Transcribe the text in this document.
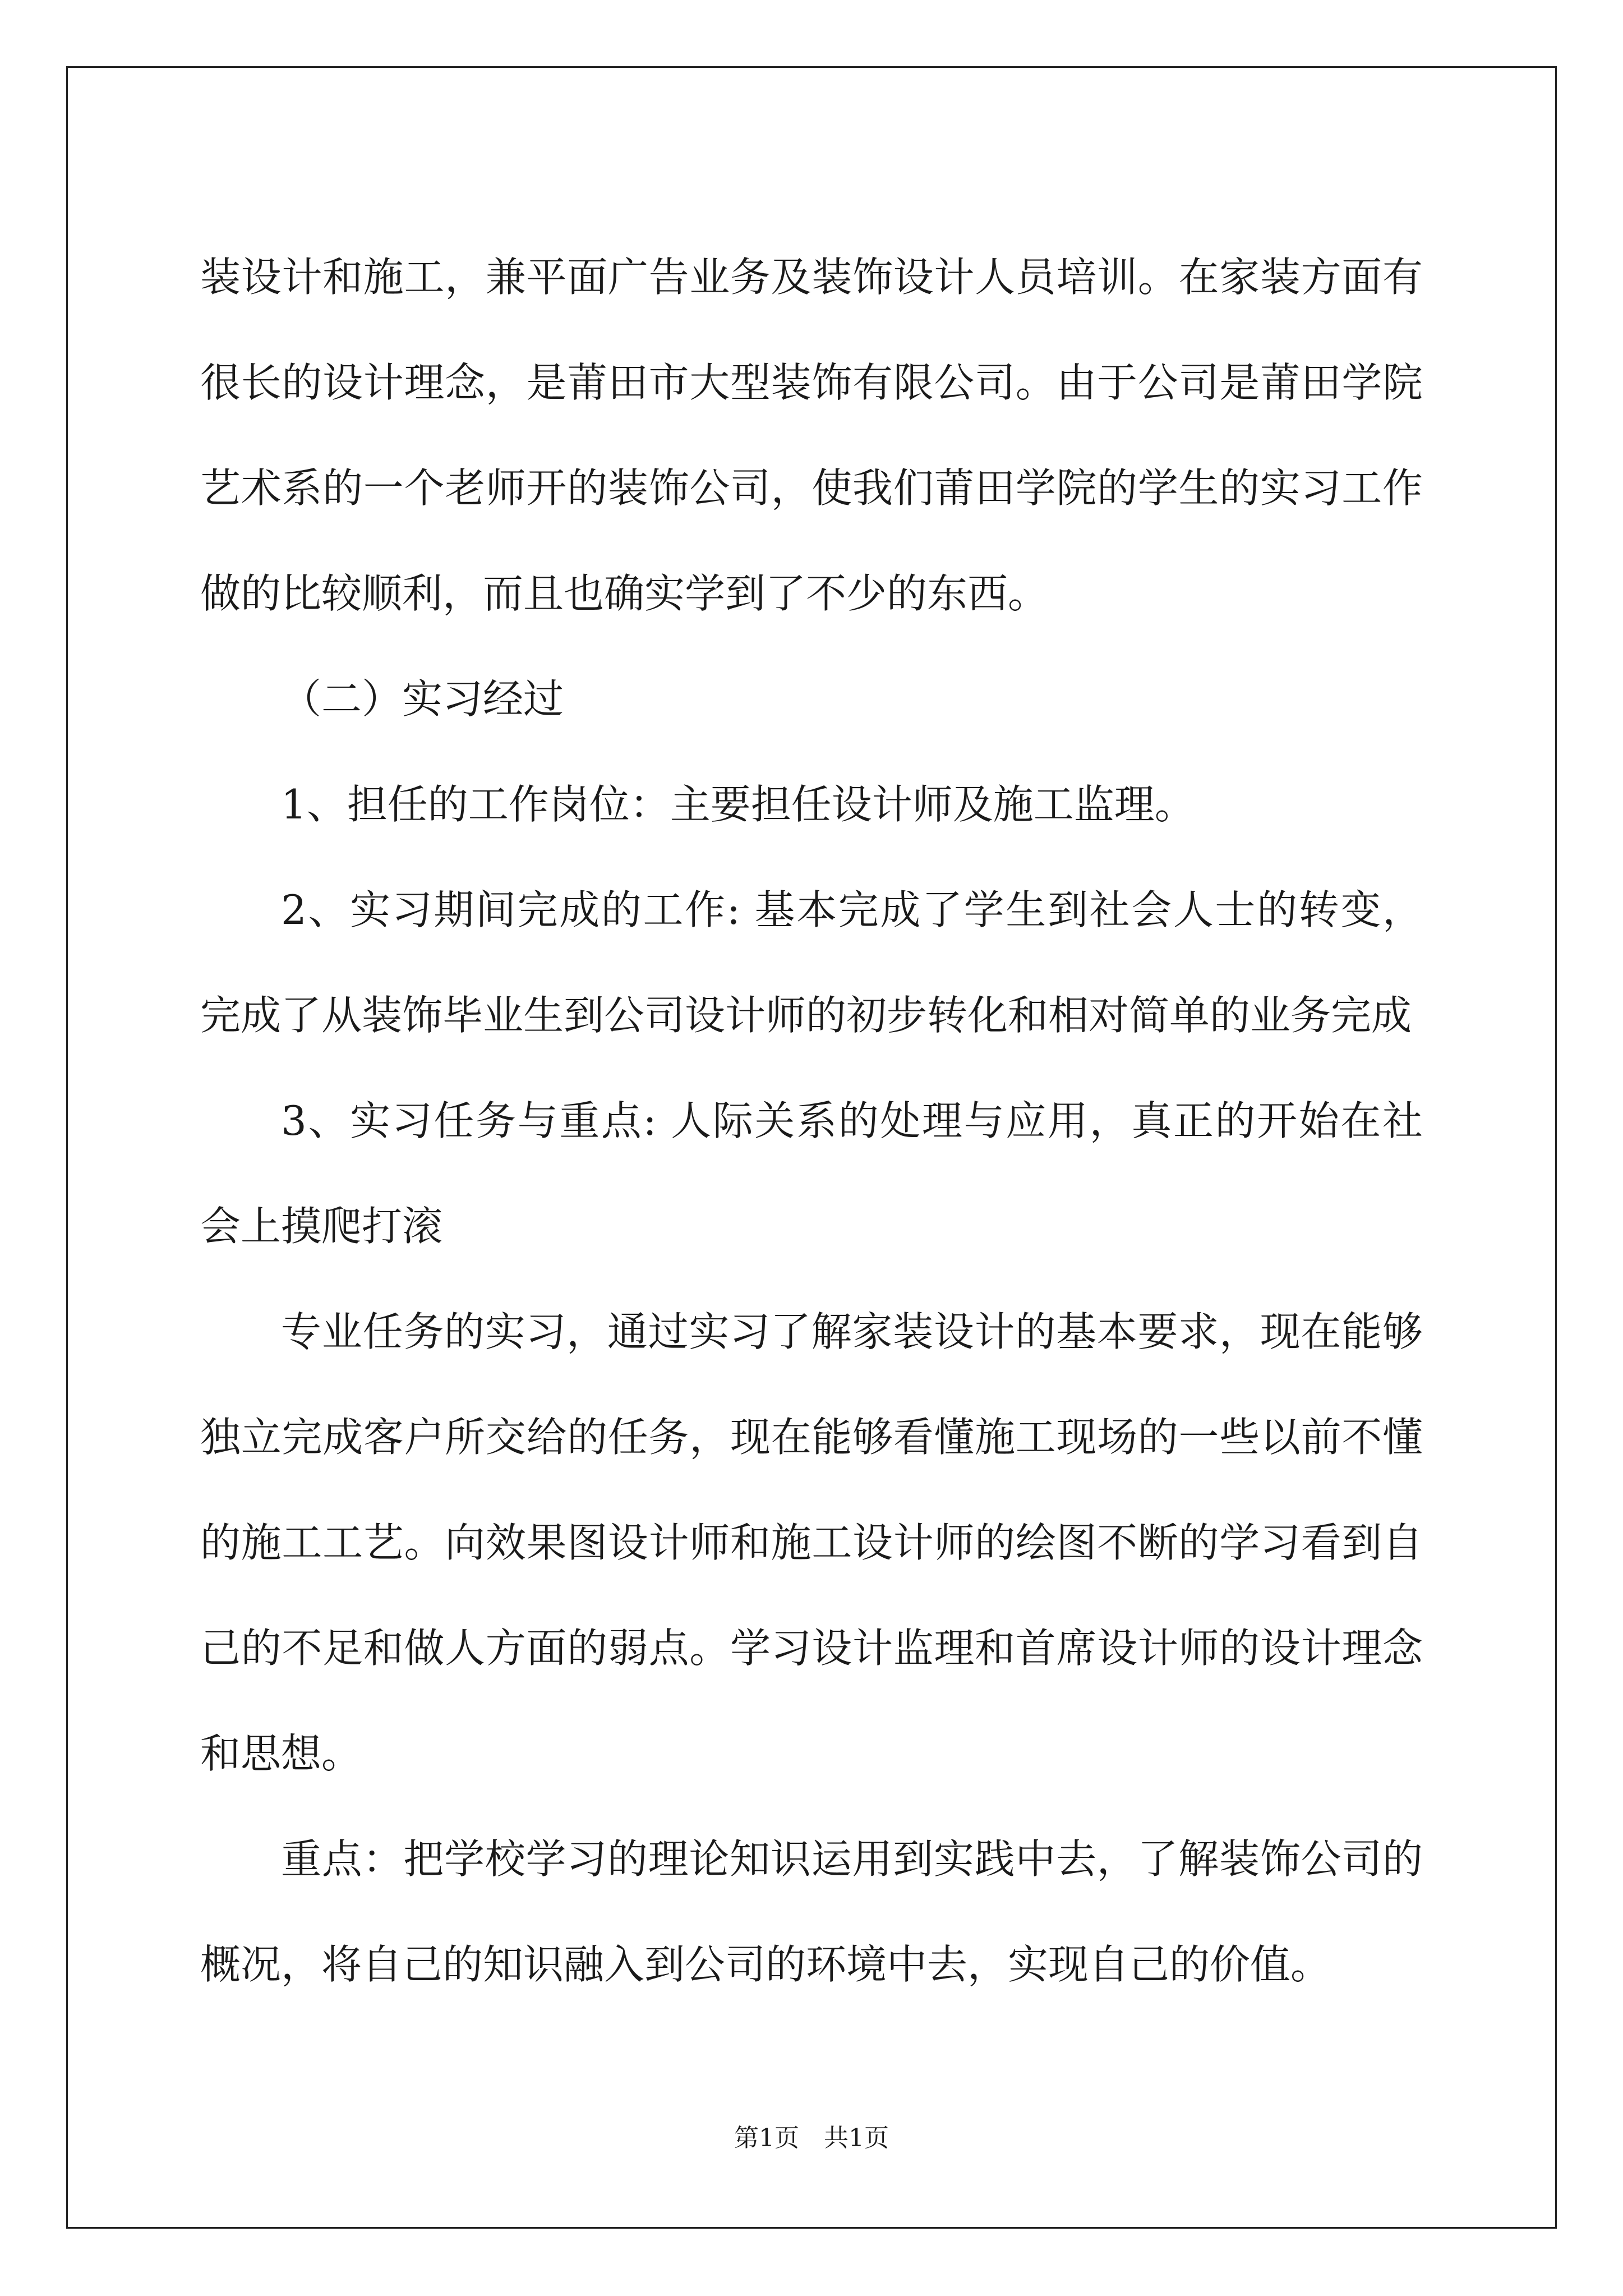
装设计和施工，兼平面广告业务及装饰设计人员培训。在家装方面有很长的设计理念，是莆田市大型装饰有限公司。由于公司是莆田学院艺术系的一个老师开的装饰公司，使我们莆田学院的学生的实习工作做的比较顺利，而且也确实学到了不少的东西。

（二）实习经过

1、担任的工作岗位：主要担任设计师及施工监理。

2、实习期间完成的工作: 基本完成了学生到社会人士的转变，完成了从装饰毕业生到公司设计师的初步转化和相对简单的业务完成

3、实习任务与重点: 人际关系的处理与应用，真正的开始在社会上摸爬打滚

专业任务的实习，通过实习了解家装设计的基本要求，现在能够独立完成客户所交给的任务，现在能够看懂施工现场的一些以前不懂的施工工艺。向效果图设计师和施工设计师的绘图不断的学习看到自己的不足和做人方面的弱点。学习设计监理和首席设计师的设计理念和思想。

重点：把学校学习的理论知识运用到实践中去，了解装饰公司的概况，将自己的知识融入到公司的环境中去，实现自己的价值。

第1页　共1页
